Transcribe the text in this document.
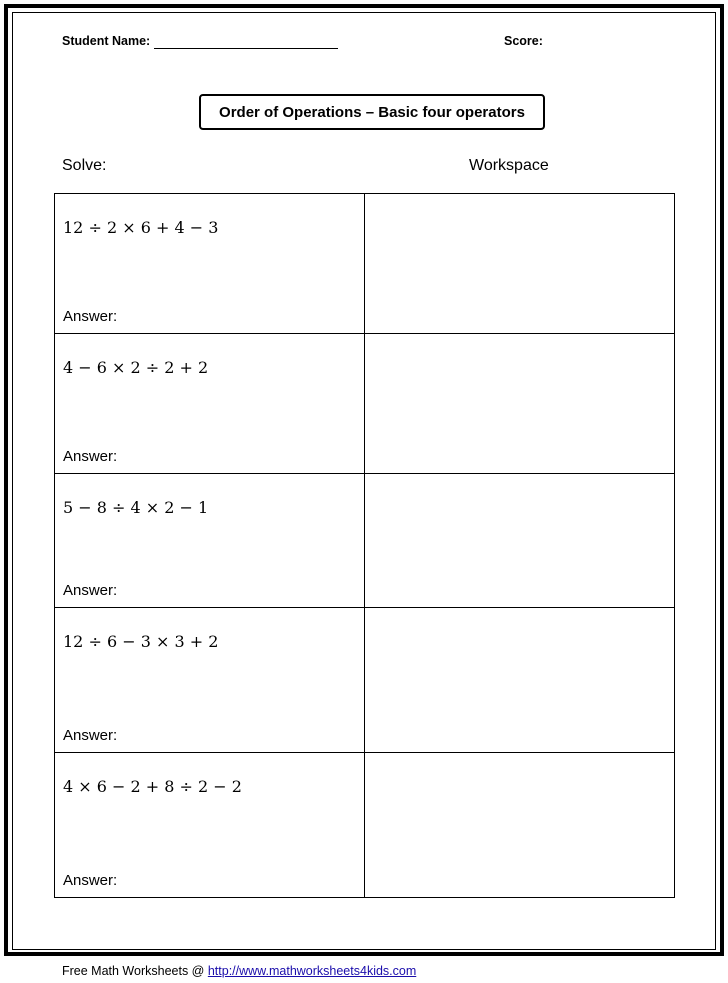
Student Name:	Score:
Order of Operations – Basic four operators
Solve:	Workspace
12 ÷ 2 × 6 + 4 − 3
Answer:	

4 − 6 × 2 ÷ 2 + 2
Answer:	

5 − 8 ÷ 4 × 2 − 1
Answer:	

12 ÷ 6 − 3 × 3 + 2
Answer:	

4 × 6 − 2 + 8 ÷ 2 − 2
Answer:	

Free Math Worksheets @ http://www.mathworksheets4kids.com
